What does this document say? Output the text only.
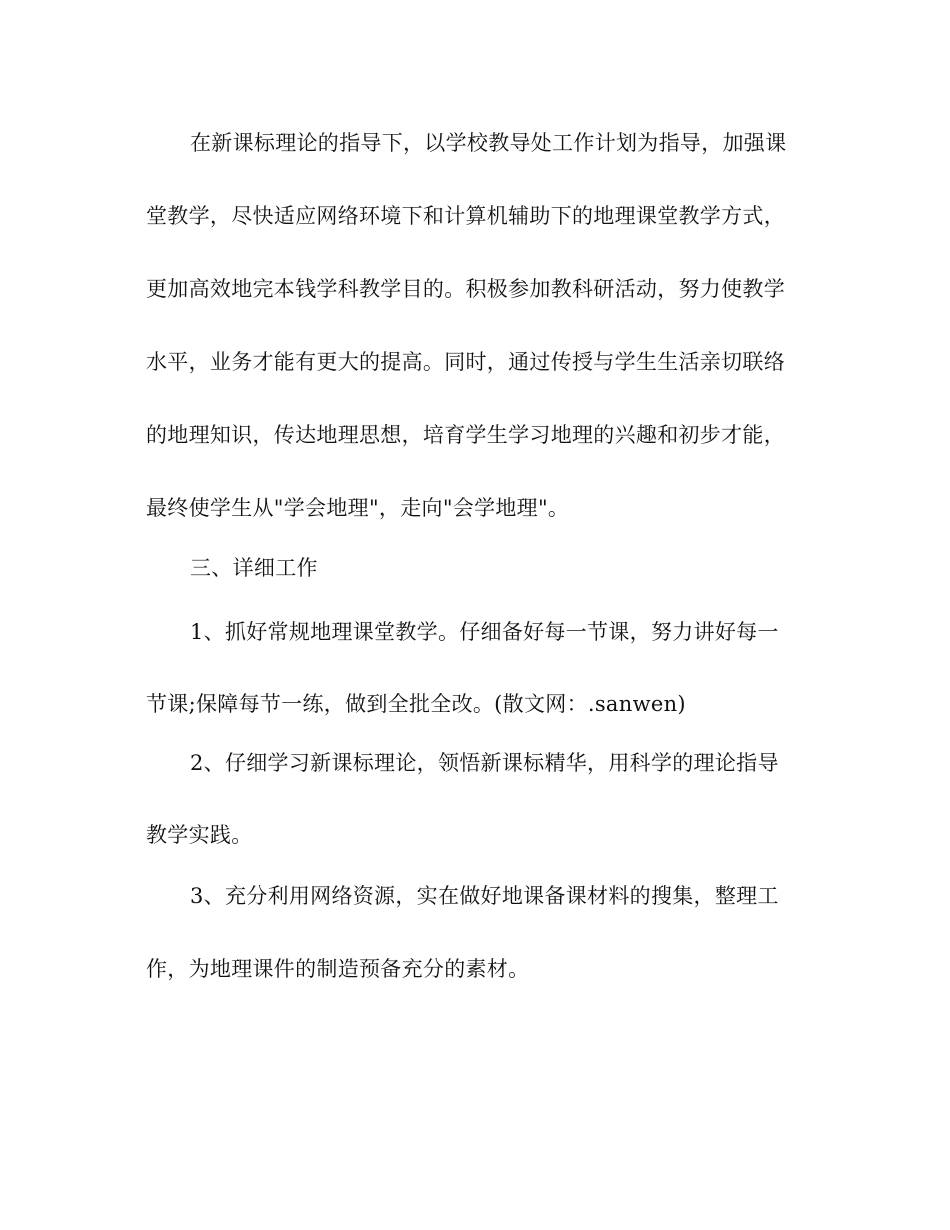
在新课标理论的指导下，以学校教导处工作计划为指导，加强课
堂教学，尽快适应网络环境下和计算机辅助下的地理课堂教学方式，
更加高效地完本钱学科教学目的。积极参加教科研活动，努力使教学
水平，业务才能有更大的提高。同时，通过传授与学生生活亲切联络
的地理知识，传达地理思想，培育学生学习地理的兴趣和初步才能，
最终使学生从"学会地理"，走向"会学地理"。
三、详细工作
1、抓好常规地理课堂教学。仔细备好每一节课，努力讲好每一
节课;保障每节一练，做到全批全改。(散文网：.sanwen)
2、仔细学习新课标理论，领悟新课标精华，用科学的理论指导
教学实践。
3、充分利用网络资源，实在做好地课备课材料的搜集，整理工
作，为地理课件的制造预备充分的素材。
